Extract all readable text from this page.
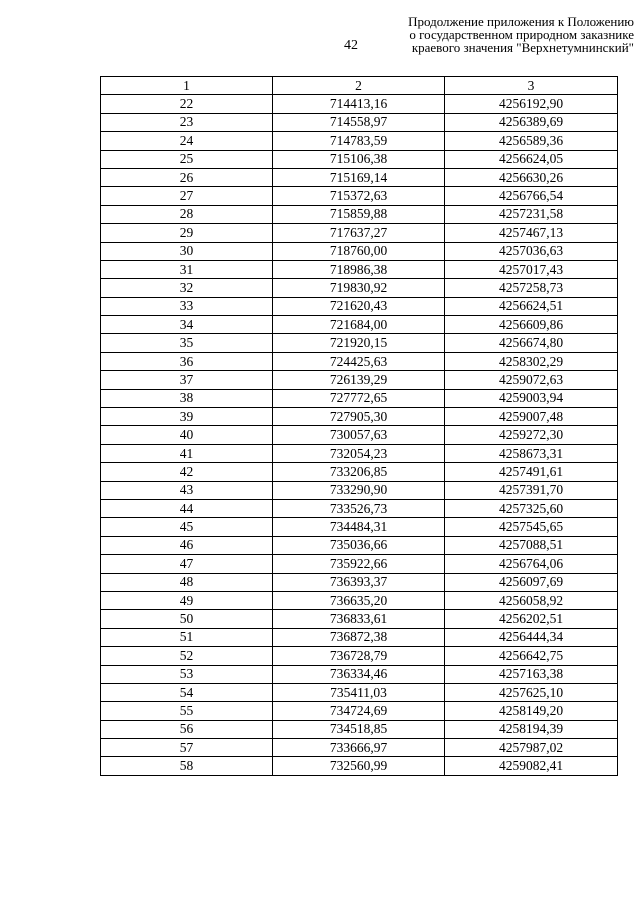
42
Продолжение приложения к Положению
о государственном природном заказнике
краевого значения "Верхнетумнинский"
1	2	3
22	714413,16	4256192,90
23	714558,97	4256389,69
24	714783,59	4256589,36
25	715106,38	4256624,05
26	715169,14	4256630,26
27	715372,63	4256766,54
28	715859,88	4257231,58
29	717637,27	4257467,13
30	718760,00	4257036,63
31	718986,38	4257017,43
32	719830,92	4257258,73
33	721620,43	4256624,51
34	721684,00	4256609,86
35	721920,15	4256674,80
36	724425,63	4258302,29
37	726139,29	4259072,63
38	727772,65	4259003,94
39	727905,30	4259007,48
40	730057,63	4259272,30
41	732054,23	4258673,31
42	733206,85	4257491,61
43	733290,90	4257391,70
44	733526,73	4257325,60
45	734484,31	4257545,65
46	735036,66	4257088,51
47	735922,66	4256764,06
48	736393,37	4256097,69
49	736635,20	4256058,92
50	736833,61	4256202,51
51	736872,38	4256444,34
52	736728,79	4256642,75
53	736334,46	4257163,38
54	735411,03	4257625,10
55	734724,69	4258149,20
56	734518,85	4258194,39
57	733666,97	4257987,02
58	732560,99	4259082,41
